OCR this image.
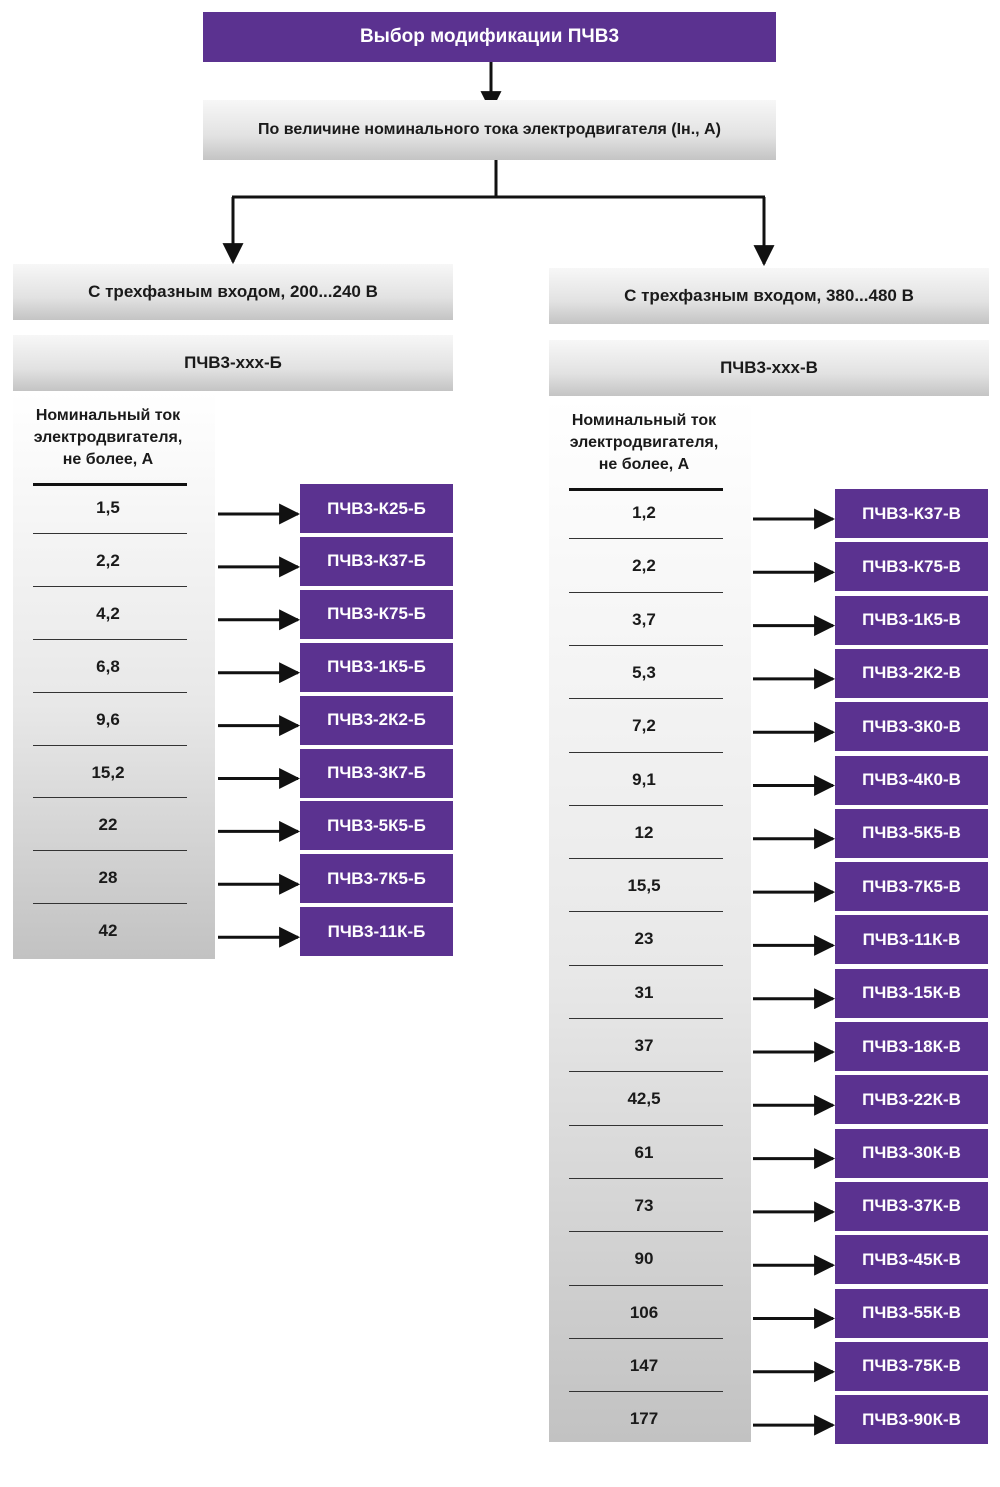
Выбор модификации ПЧВ3
По величине номинального тока электродвигателя (Iн., А)
С трехфазным входом, 200...240 В
ПЧВ3-xxx-Б
Номинальный ток
электродвигателя,
не более, А
1,5	ПЧВ3-К25-Б
2,2	ПЧВ3-К37-Б
4,2	ПЧВ3-К75-Б
6,8	ПЧВ3-1К5-Б
9,6	ПЧВ3-2К2-Б
15,2	ПЧВ3-3К7-Б
22	ПЧВ3-5К5-Б
28	ПЧВ3-7К5-Б
42	ПЧВ3-11К-Б
С трехфазным входом, 380...480 В
ПЧВ3-xxx-В
Номинальный ток
электродвигателя,
не более, А
1,2	ПЧВ3-К37-В
2,2	ПЧВ3-К75-В
3,7	ПЧВ3-1К5-В
5,3	ПЧВ3-2К2-В
7,2	ПЧВ3-3К0-В
9,1	ПЧВ3-4К0-В
12	ПЧВ3-5К5-В
15,5	ПЧВ3-7К5-В
23	ПЧВ3-11К-В
31	ПЧВ3-15К-В
37	ПЧВ3-18К-В
42,5	ПЧВ3-22К-В
61	ПЧВ3-30К-В
73	ПЧВ3-37К-В
90	ПЧВ3-45К-В
106	ПЧВ3-55К-В
147	ПЧВ3-75К-В
177	ПЧВ3-90К-В
